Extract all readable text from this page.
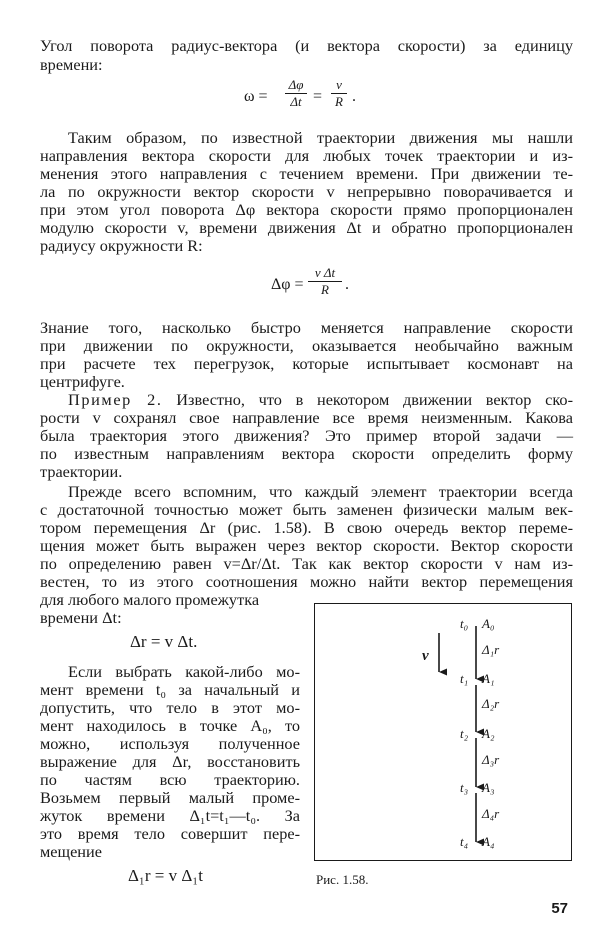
Угол поворота радиус-вектора (и вектора скорости) за единицу
времени:
ω =
Δφ
Δt =
v
R .
Таким образом, по известной траектории движения мы нашли
направления вектора скорости для любых точек траектории и из-
менения этого направления с течением времени. При движении те-
ла по окружности вектор скорости v непрерывно поворачивается и
при этом угол поворота Δφ вектора скорости прямо пропорционален
модулю скорости v, времени движения Δt и обратно пропорционален
радиусу окружности R:
Δφ =
v Δt
R	.
Знание того, насколько быстро меняется направление скорости
при движении по окружности, оказывается необычайно важным
при расчете тех перегрузок, которые испытывает космонавт на
центрифуге.
Пример 2. Известно, что в некотором движении вектор ско-
рости v сохранял свое направление все время неизменным. Какова
была траектория этого движения? Это пример второй задачи —
по известным направлениям вектора скорости определить форму
траектории.
Прежде всего вспомним, что каждый элемент траектории всегда
с достаточной точностью может быть заменен физически малым век-
тором перемещения Δr (рис. 1.58). В свою очередь вектор переме-
щения может быть выражен через вектор скорости. Вектор скорости
по определению равен v=Δr/Δt. Так как вектор скорости v нам из-
вестен, то из этого соотношения можно найти вектор перемещения
для любого малого промежутка
времени Δt:
Δr = v Δt.
Если выбрать какой-либо мо-
мент времени t₀ за начальный и
допустить, что тело в этот мо-
мент находилось в точке A₀, то
можно, используя полученное
выражение для Δr, восстановить
по частям всю траекторию.
Возьмем первый малый проме-
жуток времени Δ₁t=t₁—t₀. За
это время тело совершит пере-
мещение
Δ₁r = v Δ₁t
v
t₀
t₁
t₂
t₃
t₄
A₀
A₁
A₂
A₃
A₄
Δ₁r
Δ₂r
Δ₃r
Δ₄r
Рис. 1.58.
57
